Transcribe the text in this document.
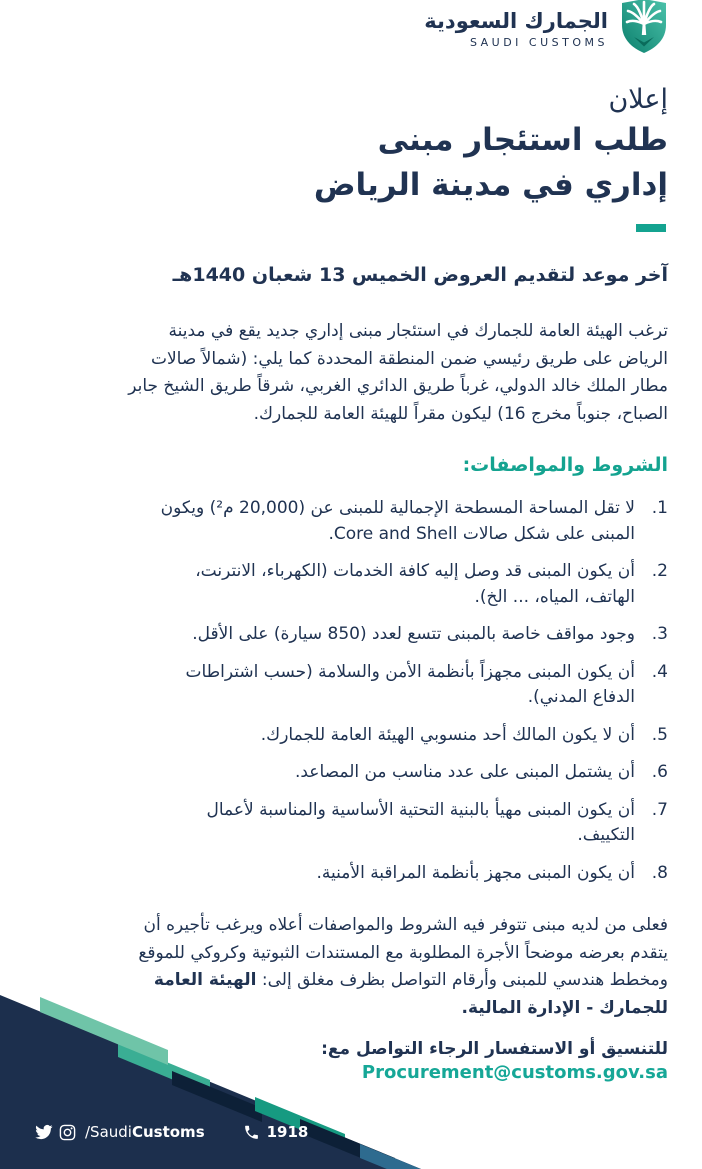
الجمارك السعودية
SAUDI CUSTOMS
إعلان
طلب استئجار مبنى
إداري في مدينة الرياض
آخر موعد لتقديم العروض الخميس 13 شعبان 1440هـ

ترغب الهيئة العامة للجمارك في استئجار مبنى إداري جديد يقع في مدينة الرياض على طريق رئيسي ضمن المنطقة المحددة كما يلي: (شمالاً صالات مطار الملك خالد الدولي، غرباً طريق الدائري الغربي، شرقاً طريق الشيخ جابر الصباح، جنوباً مخرج 16) ليكون مقراً للهيئة العامة للجمارك.

الشروط والمواصفات:
1.
لا تقل المساحة المسطحة الإجمالية للمبنى عن (20,000 م²) ويكون المبنى على شكل صالات Core and Shell.
2.
أن يكون المبنى قد وصل إليه كافة الخدمات (الكهرباء، الانترنت، الهاتف، المياه، ... الخ).
3.
وجود مواقف خاصة بالمبنى تتسع لعدد (850 سيارة) على الأقل.
4.
أن يكون المبنى مجهزاً بأنظمة الأمن والسلامة (حسب اشتراطات الدفاع المدني).
5.
أن لا يكون المالك أحد منسوبي الهيئة العامة للجمارك.
6.
أن يشتمل المبنى على عدد مناسب من المصاعد.
7.
أن يكون المبنى مهيأ بالبنية التحتية الأساسية والمناسبة لأعمال التكييف.
8.
أن يكون المبنى مجهز بأنظمة المراقبة الأمنية.

فعلى من لديه مبنى تتوفر فيه الشروط والمواصفات أعلاه ويرغب تأجيره أن يتقدم بعرضه موضحاً الأجرة المطلوبة مع المستندات الثبوتية وكروكي للموقع ومخطط هندسي للمبنى وأرقام التواصل بظرف مغلق إلى: الهيئة العامة للجمارك - الإدارة المالية.

للتنسيق أو الاستفسار الرجاء التواصل مع:
Procurement@customs.gov.sa
/SaudiCustoms	1918
